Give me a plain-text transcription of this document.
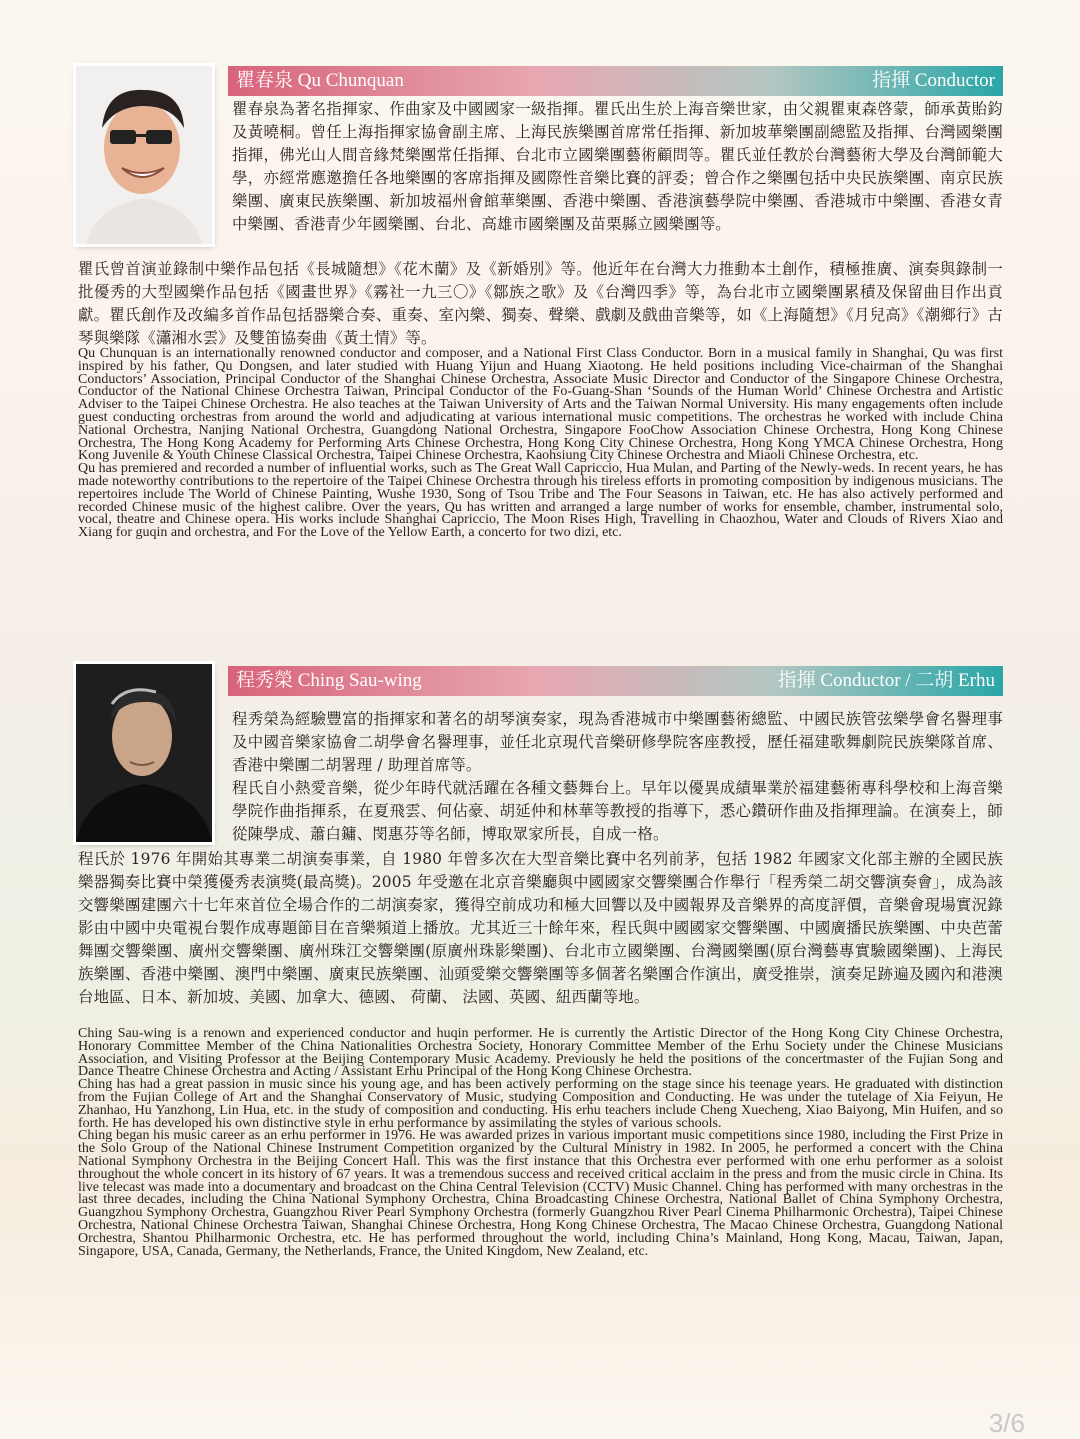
瞿春泉 Qu Chunquan	指揮 Conductor
瞿春泉為著名指揮家、作曲家及中國國家一級指揮。瞿氏出生於上海音樂世家，由父親瞿東森啓蒙，師承黃貽鈞及黃曉桐。曾任上海指揮家協會副主席、上海民族樂團首席常任指揮、新加坡華樂團副總監及指揮、台灣國樂團指揮，佛光山人間音緣梵樂團常任指揮、台北市立國樂團藝術顧問等。瞿氏並任教於台灣藝術大學及台灣師範大學，亦經常應邀擔任各地樂團的客席指揮及國際性音樂比賽的評委；曾合作之樂團包括中央民族樂團、南京民族樂團、廣東民族樂團、新加坡福州會館華樂團、香港中樂團、香港演藝學院中樂團、香港城市中樂團、香港女青中樂團、香港青少年國樂團、台北、高雄市國樂團及苗栗縣立國樂團等。
瞿氏曾首演並錄制中樂作品包括《長城隨想》《花木蘭》及《新婚別》等。他近年在台灣大力推動本土創作，積極推廣、演奏與錄制一批優秀的大型國樂作品包括《國畫世界》《霧社一九三〇》《鄒族之歌》及《台灣四季》等，為台北市立國樂團累積及保留曲目作出貢獻。瞿氏創作及改編多首作品包括器樂合奏、重奏、室內樂、獨奏、聲樂、戲劇及戲曲音樂等，如《上海隨想》《月兒高》《潮鄉行》古琴與樂隊《瀟湘水雲》及雙笛協奏曲《黃土情》等。

Qu Chunquan is an internationally renowned conductor and composer, and a National First Class Conductor. Born in a musical family in Shanghai, Qu was first inspired by his father, Qu Dongsen, and later studied with Huang Yijun and Huang Xiaotong. He held positions including Vice-chairman of the Shanghai Conductors’ Association, Principal Conductor of the Shanghai Chinese Orchestra, Associate Music Director and Conductor of the Singapore Chinese Orchestra, Conductor of the National Chinese Orchestra Taiwan, Principal Conductor of the Fo-Guang-Shan ‘Sounds of the Human World’ Chinese Orchestra and Artistic Adviser to the Taipei Chinese Orchestra. He also teaches at the Taiwan University of Arts and the Taiwan Normal University. His many engagements often include guest conducting orchestras from around the world and adjudicating at various international music competitions. The orchestras he worked with include China National Orchestra, Nanjing National Orchestra, Guangdong National Orchestra, Singapore FooChow Association Chinese Orchestra, Hong Kong Chinese Orchestra, The Hong Kong Academy for Performing Arts Chinese Orchestra, Hong Kong City Chinese Orchestra, Hong Kong YMCA Chinese Orchestra, Hong Kong Juvenile & Youth Chinese Classical Orchestra, Taipei Chinese Orchestra, Kaohsiung City Chinese Orchestra and Miaoli Chinese Orchestra, etc.

Qu has premiered and recorded a number of influential works, such as The Great Wall Capriccio, Hua Mulan, and Parting of the Newly-weds. In recent years, he has made noteworthy contributions to the repertoire of the Taipei Chinese Orchestra through his tireless efforts in promoting composition by indigenous musicians. The repertoires include The World of Chinese Painting, Wushe 1930, Song of Tsou Tribe and The Four Seasons in Taiwan, etc. He has also actively performed and recorded Chinese music of the highest calibre. Over the years, Qu has written and arranged a large number of works for ensemble, chamber, instrumental solo, vocal, theatre and Chinese opera. His works include Shanghai Capriccio, The Moon Rises High, Travelling in Chaozhou, Water and Clouds of Rivers Xiao and Xiang for guqin and orchestra, and For the Love of the Yellow Earth, a concerto for two dizi, etc.

程秀榮 Ching Sau-wing	指揮 Conductor / 二胡 Erhu
程秀榮為經驗豐富的指揮家和著名的胡琴演奏家，現為香港城市中樂團藝術總監、中國民族管弦樂學會名譽理事及中國音樂家協會二胡學會名譽理事，並任北京現代音樂研修學院客座教授，歷任福建歌舞劇院民族樂隊首席、 香港中樂團二胡署理 / 助理首席等。
程氏自小熱愛音樂，從少年時代就活躍在各種文藝舞台上。早年以優異成績畢業於福建藝術專科學校和上海音樂學院作曲指揮系，在夏飛雲、何佔豪、胡延仲和林華等教授的指導下，悉心鑽研作曲及指揮理論。在演奏上，師從陳學成、蕭白鏞、閔惠芬等名師，博取眾家所長，自成一格。
程氏於 1976 年開始其專業二胡演奏事業，自 1980 年曾多次在大型音樂比賽中名列前茅，包括 1982 年國家文化部主辦的全國民族樂器獨奏比賽中榮獲優秀表演獎(最高獎)。2005 年受邀在北京音樂廳與中國國家交響樂團合作舉行「程秀榮二胡交響演奏會」，成為該交響樂團建團六十七年來首位全場合作的二胡演奏家，獲得空前成功和極大回響以及中國報界及音樂界的高度評價，音樂會現場實況錄影由中國中央電視台製作成專題節目在音樂頻道上播放。尤其近三十餘年來，程氏與中國國家交響樂團、中國廣播民族樂團、中央芭蕾舞團交響樂團、廣州交響樂團、廣州珠江交響樂團(原廣州珠影樂團)、台北市立國樂團、台灣國樂團(原台灣藝專實驗國樂團)、上海民族樂團、香港中樂團、澳門中樂團、廣東民族樂團、汕頭愛樂交響樂團等多個著名樂團合作演出，廣受推崇，演奏足跡遍及國內和港澳台地區、日本、新加坡、美國、加拿大、德國、 荷蘭、 法國、英國、紐西蘭等地。

Ching Sau-wing is a renown and experienced conductor and huqin performer. He is currently the Artistic Director of the Hong Kong City Chinese Orchestra, Honorary Committee Member of the China Nationalities Orchestra Society, Honorary Committee Member of the Erhu Society under the Chinese Musicians Association, and Visiting Professor at the Beijing Contemporary Music Academy. Previously he held the positions of the concertmaster of the Fujian Song and Dance Theatre Chinese Orchestra and Acting / Assistant Erhu Principal of the Hong Kong Chinese Orchestra.

Ching has had a great passion in music since his young age, and has been actively performing on the stage since his teenage years. He graduated with distinction from the Fujian College of Art and the Shanghai Conservatory of Music, studying Composition and Conducting. He was under the tutelage of Xia Feiyun, He Zhanhao, Hu Yanzhong, Lin Hua, etc. in the study of composition and conducting. His erhu teachers include Cheng Xuecheng, Xiao Baiyong, Min Huifen, and so forth. He has developed his own distinctive style in erhu performance by assimilating the styles of various schools.

Ching began his music career as an erhu performer in 1976. He was awarded prizes in various important music competitions since 1980, including the First Prize in the Solo Group of the National Chinese Instrument Competition organized by the Cultural Ministry in 1982. In 2005, he performed a concert with the China National Symphony Orchestra in the Beijing Concert Hall. This was the first instance that this Orchestra ever performed with one erhu performer as a soloist throughout the whole concert in its history of 67 years. It was a tremendous success and received critical acclaim in the press and from the music circle in China. Its live telecast was made into a documentary and broadcast on the China Central Television (CCTV) Music Channel. Ching has performed with many orchestras in the last three decades, including the China National Symphony Orchestra, China Broadcasting Chinese Orchestra, National Ballet of China Symphony Orchestra, Guangzhou Symphony Orchestra, Guangzhou River Pearl Symphony Orchestra (formerly Guangzhou River Pearl Cinema Philharmonic Orchestra), Taipei Chinese Orchestra, National Chinese Orchestra Taiwan, Shanghai Chinese Orchestra, Hong Kong Chinese Orchestra, The Macao Chinese Orchestra, Guangdong National Orchestra, Shantou Philharmonic Orchestra, etc. He has performed throughout the world, including China’s Mainland, Hong Kong, Macau, Taiwan, Japan, Singapore, USA, Canada, Germany, the Netherlands, France, the United Kingdom, New Zealand, etc.

3/6
